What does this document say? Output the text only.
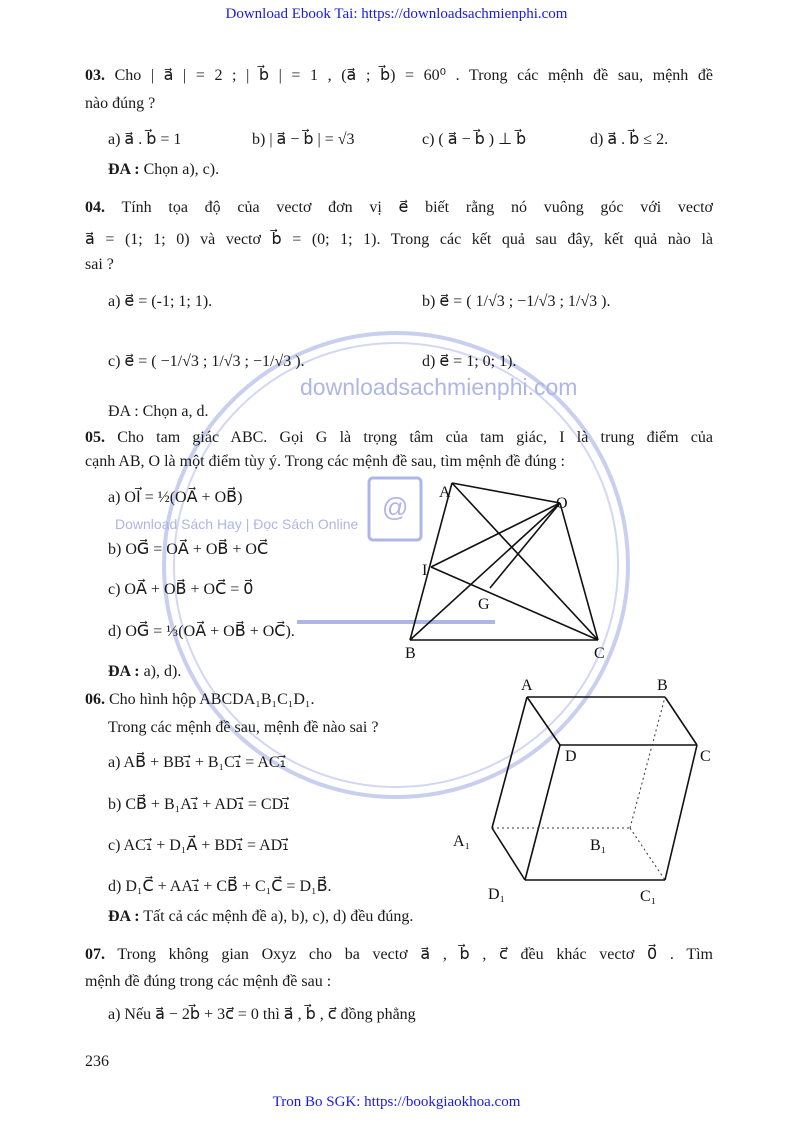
@
downloadsachmienphi.com
Download Sách Hay | Đọc Sách Online
Download Ebook Tai: https://downloadsachmienphi.com
03. Cho | a⃗ | = 2 ; | b⃗ | = 1 , (a⃗ ; b⃗) = 60⁰ . Trong các mệnh đề sau, mệnh đề
nào đúng ?
a) a⃗ . b⃗ = 1	b) | a⃗ − b⃗ | = √3	c) ( a⃗ − b⃗ ) ⊥ b⃗	d) a⃗ . b⃗ ≤ 2.
ĐA : Chọn a), c).
04. Tính tọa độ của vectơ đơn vị e⃗ biết rằng nó vuông góc với vectơ
a⃗ = (1; 1; 0) và vectơ b⃗ = (0; 1; 1). Trong các kết quả sau đây, kết quả nào là
sai ?
a) e⃗ = (-1; 1; 1).	b) e⃗ = ( 1/√3 ; −1/√3 ; 1/√3 ).
c) e⃗ = ( −1/√3 ; 1/√3 ; −1/√3 ).	d) e⃗ = 1; 0; 1).
ĐA : Chọn a, d.
05. Cho tam giác ABC. Gọi G là trọng tâm của tam giác, I là trung điểm của
cạnh AB, O là một điểm tùy ý. Trong các mệnh đề sau, tìm mệnh đề đúng :
a) OI⃗ = ½(OA⃗ + OB⃗)
b) OG⃗ = OA⃗ + OB⃗ + OC⃗
c) OA⃗ + OB⃗ + OC⃗ = 0⃗
d) OG⃗ = ⅓(OA⃗ + OB⃗ + OC⃗).
ĐA : a), d).
A
O
I
G
B	C
06. Cho hình hộp ABCDA₁B₁C₁D₁.
Trong các mệnh đề sau, mệnh đề nào sai ?
a) AB⃗ + BB₁⃗ + B₁C₁⃗ = AC₁⃗
b) CB⃗ + B₁A₁⃗ + AD₁⃗ = CD₁⃗
c) AC₁⃗ + D₁A⃗ + BD₁⃗ = AD₁⃗
d) D₁C⃗ + AA₁⃗ + CB⃗ + C₁C⃗ = D₁B⃗.
ĐA : Tất cả các mệnh đề a), b), c), d) đều đúng.
A	B
C
D
A₁	B₁
C₁
D₁
07. Trong không gian Oxyz cho ba vectơ a⃗ , b⃗ , c⃗ đều khác vectơ 0⃗ . Tìm
mệnh đề đúng trong các mệnh đề sau :
a) Nếu a⃗ − 2b⃗ + 3c⃗ = 0 thì a⃗ , b⃗ , c⃗ đồng phẳng
236
Tron Bo SGK: https://bookgiaokhoa.com
